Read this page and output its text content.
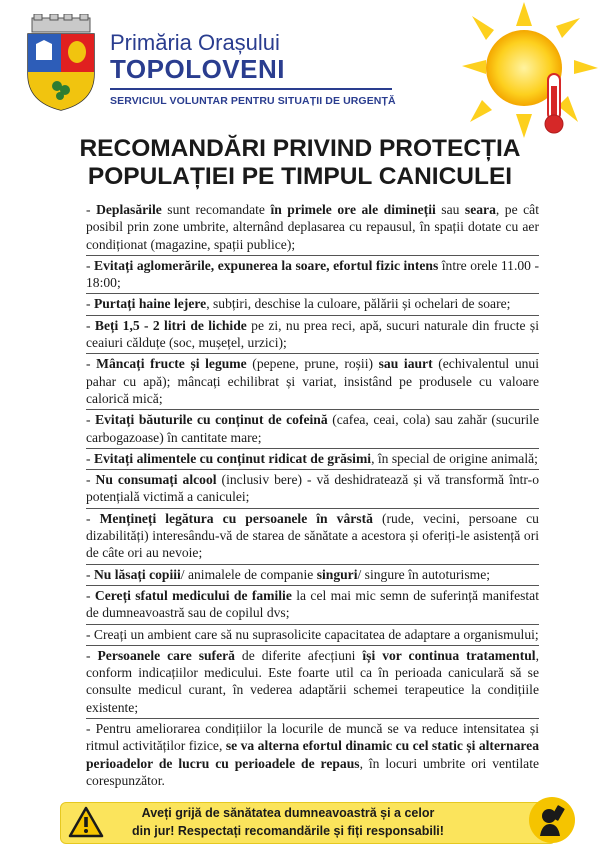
Primăria Orașului
TOPOLOVENI
SERVICIUL VOLUNTAR PENTRU SITUAȚII DE URGENȚĂ
RECOMANDĂRI PRIVIND PROTECȚIA
POPULAȚIEI PE TIMPUL CANICULEI

- Deplasările sunt recomandate în primele ore ale dimineții sau seara, pe cât posibil prin zone umbrite, alternând deplasarea cu repausul, în spații dotate cu aer condiționat (magazine, spații publice);

- Evitați aglomerările, expunerea la soare, efortul fizic intens între orele 11.00 - 18:00;

- Purtați haine lejere, subțiri, deschise la culoare, pălării și ochelari de soare;

- Beți 1,5 - 2 litri de lichide pe zi, nu prea reci, apă, sucuri naturale din fructe și ceaiuri călduțe (soc, mușețel, urzici);

- Mâncați fructe și legume (pepene, prune, roșii) sau iaurt (echivalentul unui pahar cu apă); mâncați echilibrat și variat, insistând pe produsele cu valoare calorică mică;

- Evitați băuturile cu conținut de cofeină (cafea, ceai, cola) sau zahăr (sucurile carbogazoase) în cantitate mare;

- Evitați alimentele cu conținut ridicat de grăsimi, în special de origine animală;

- Nu consumați alcool (inclusiv bere) - vă deshidratează și vă transformă într-o potențială victimă a caniculei;

- Mențineți legătura cu persoanele în vârstă (rude, vecini, persoane cu dizabilități) interesându-vă de starea de sănătate a acestora și oferiți-le asistență ori de câte ori au nevoie;

- Nu lăsați copiii/ animalele de companie singuri/ singure în autoturisme;

- Cereți sfatul medicului de familie la cel mai mic semn de suferință manifestat de dumneavoastră sau de copilul dvs;

- Creați un ambient care să nu suprasolicite capacitatea de adaptare a organismului;

- Persoanele care suferă de diferite afecțiuni își vor continua tratamentul, conform indicațiilor medicului. Este foarte util ca în perioada caniculară să se consulte medicul curant, în vederea adaptării schemei terapeutice la condițiile existente;

- Pentru ameliorarea condițiilor la locurile de muncă se va reduce intensitatea și ritmul activităților fizice, se va alterna efortul dinamic cu cel static și alternarea perioadelor de lucru cu perioadele de repaus, în locuri umbrite ori ventilate corespunzător.

Aveți grijă de sănătatea dumneavoastră și a celor
din jur! Respectați recomandările și fiți responsabili!
